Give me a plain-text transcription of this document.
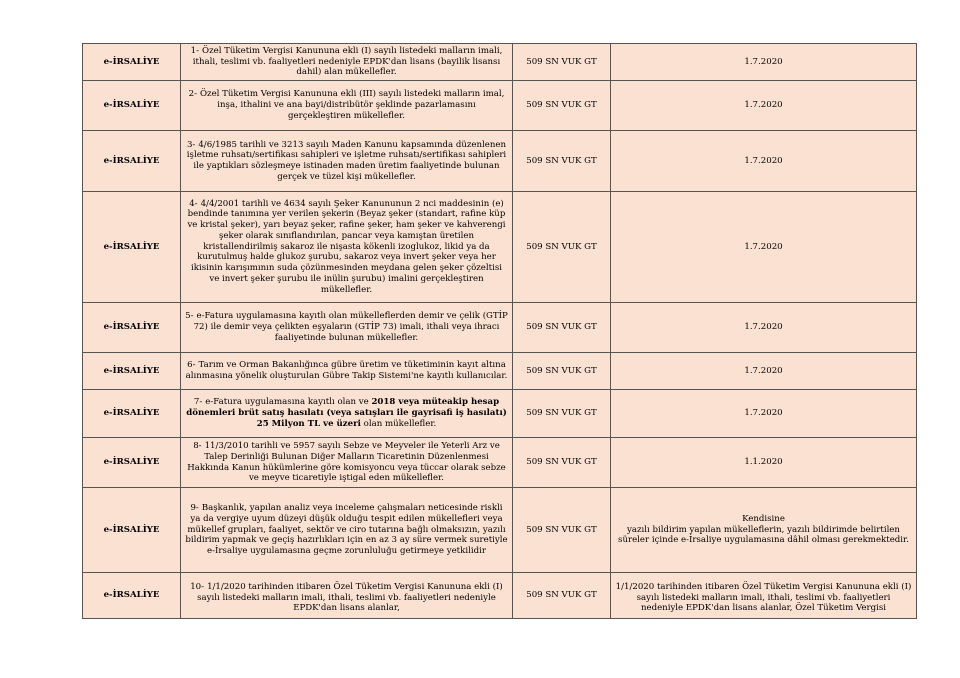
e-İRSALİYE	1- Özel Tüketim Vergisi Kanununa ekli (I) sayılı listedeki malların imali, ithali, teslimi vb. faaliyetleri nedeniyle EPDK'dan lisans (bayilik lisansı dahil) alan mükellefler.	509 SN VUK GT	1.7.2020
e-İRSALİYE	2- Özel Tüketim Vergisi Kanununa ekli (III) sayılı listedeki malların imal, inşa, ithalini ve ana bayi/distribütör şeklinde pazarlamasını gerçekleştiren mükellefler.	509 SN VUK GT	1.7.2020
e-İRSALİYE	3- 4/6/1985 tarihli ve 3213 sayılı Maden Kanunu kapsamında düzenlenen işletme ruhsatı/sertifikası sahipleri ve işletme ruhsatı/sertifikası sahipleri ile yaptıkları sözleşmeye istinaden maden üretim faaliyetinde bulunan gerçek ve tüzel kişi mükellefler.	509 SN VUK GT	1.7.2020
e-İRSALİYE	4- 4/4/2001 tarihli ve 4634 sayılı Şeker Kanununun 2 nci maddesinin (e) bendinde tanımına yer verilen şekerin (Beyaz şeker (standart, rafine küp ve kristal şeker), yarı beyaz şeker, rafine şeker, ham şeker ve kahverengi şeker olarak sınıflandırılan, pancar veya kamıştan üretilen kristallendirilmiş sakaroz ile nişasta kökenli izoglukoz, likid ya da kurutulmuş halde glukoz şurubu, sakaroz veya invert şeker veya her ikisinin karışımının suda çözünmesinden meydana gelen şeker çözeltisi ve invert şeker şurubu ile inülin şurubu) imalini gerçekleştiren mükellefler.	509 SN VUK GT	1.7.2020
e-İRSALİYE	5- e-Fatura uygulamasına kayıtlı olan mükelleflerden demir ve çelik (GTİP 72) ile demir veya çelikten eşyaların (GTİP 73) imali, ithali veya ihracı faaliyetinde bulunan mükellefler.	509 SN VUK GT	1.7.2020
e-İRSALİYE	6- Tarım ve Orman Bakanlığınca gübre üretim ve tüketiminin kayıt altına alınmasına yönelik oluşturulan Gübre Takip Sistemi'ne kayıtlı kullanıcılar.	509 SN VUK GT	1.7.2020
e-İRSALİYE	7- e-Fatura uygulamasına kayıtlı olan ve 2018 veya müteakip hesap dönemleri brüt satış hasılatı (veya satışları ile gayrisafi iş hasılatı) 25 Milyon TL ve üzeri olan mükellefler.	509 SN VUK GT	1.7.2020
e-İRSALİYE	8- 11/3/2010 tarihli ve 5957 sayılı Sebze ve Meyveler ile Yeterli Arz ve Talep Derinliği Bulunan Diğer Malların Ticaretinin Düzenlenmesi Hakkında Kanun hükümlerine göre komisyoncu veya tüccar olarak sebze ve meyve ticaretiyle iştigal eden mükellefler.	509 SN VUK GT	1.1.2020
e-İRSALİYE	9- Başkanlık, yapılan analiz veya inceleme çalışmaları neticesinde riskli ya da vergiye uyum düzeyi düşük olduğu tespit edilen mükellefleri veya mükellef grupları, faaliyet, sektör ve ciro tutarına bağlı olmaksızın, yazılı bildirim yapmak ve geçiş hazırlıkları için en az 3 ay süre vermek suretiyle e-İrsaliye uygulamasına geçme zorunluluğu getirmeye yetkilidir	509 SN VUK GT	Kendisine
yazılı bildirim yapılan mükelleflerin, yazılı bildirimde belirtilen süreler içinde e-İrsaliye uygulamasına dâhil olması gerekmektedir.

e-İRSALİYE	10- 1/1/2020 tarihinden itibaren Özel Tüketim Vergisi Kanununa ekli (I) sayılı listedeki malların imali, ithali, teslimi vb. faaliyetleri nedeniyle EPDK'dan lisans alanlar,	509 SN VUK GT	1/1/2020 tarihinden itibaren Özel Tüketim Vergisi Kanununa ekli (I) sayılı listedeki malların imali, ithali, teslimi vb. faaliyetleri nedeniyle EPDK'dan lisans alanlar, Özel Tüketim Vergisi
